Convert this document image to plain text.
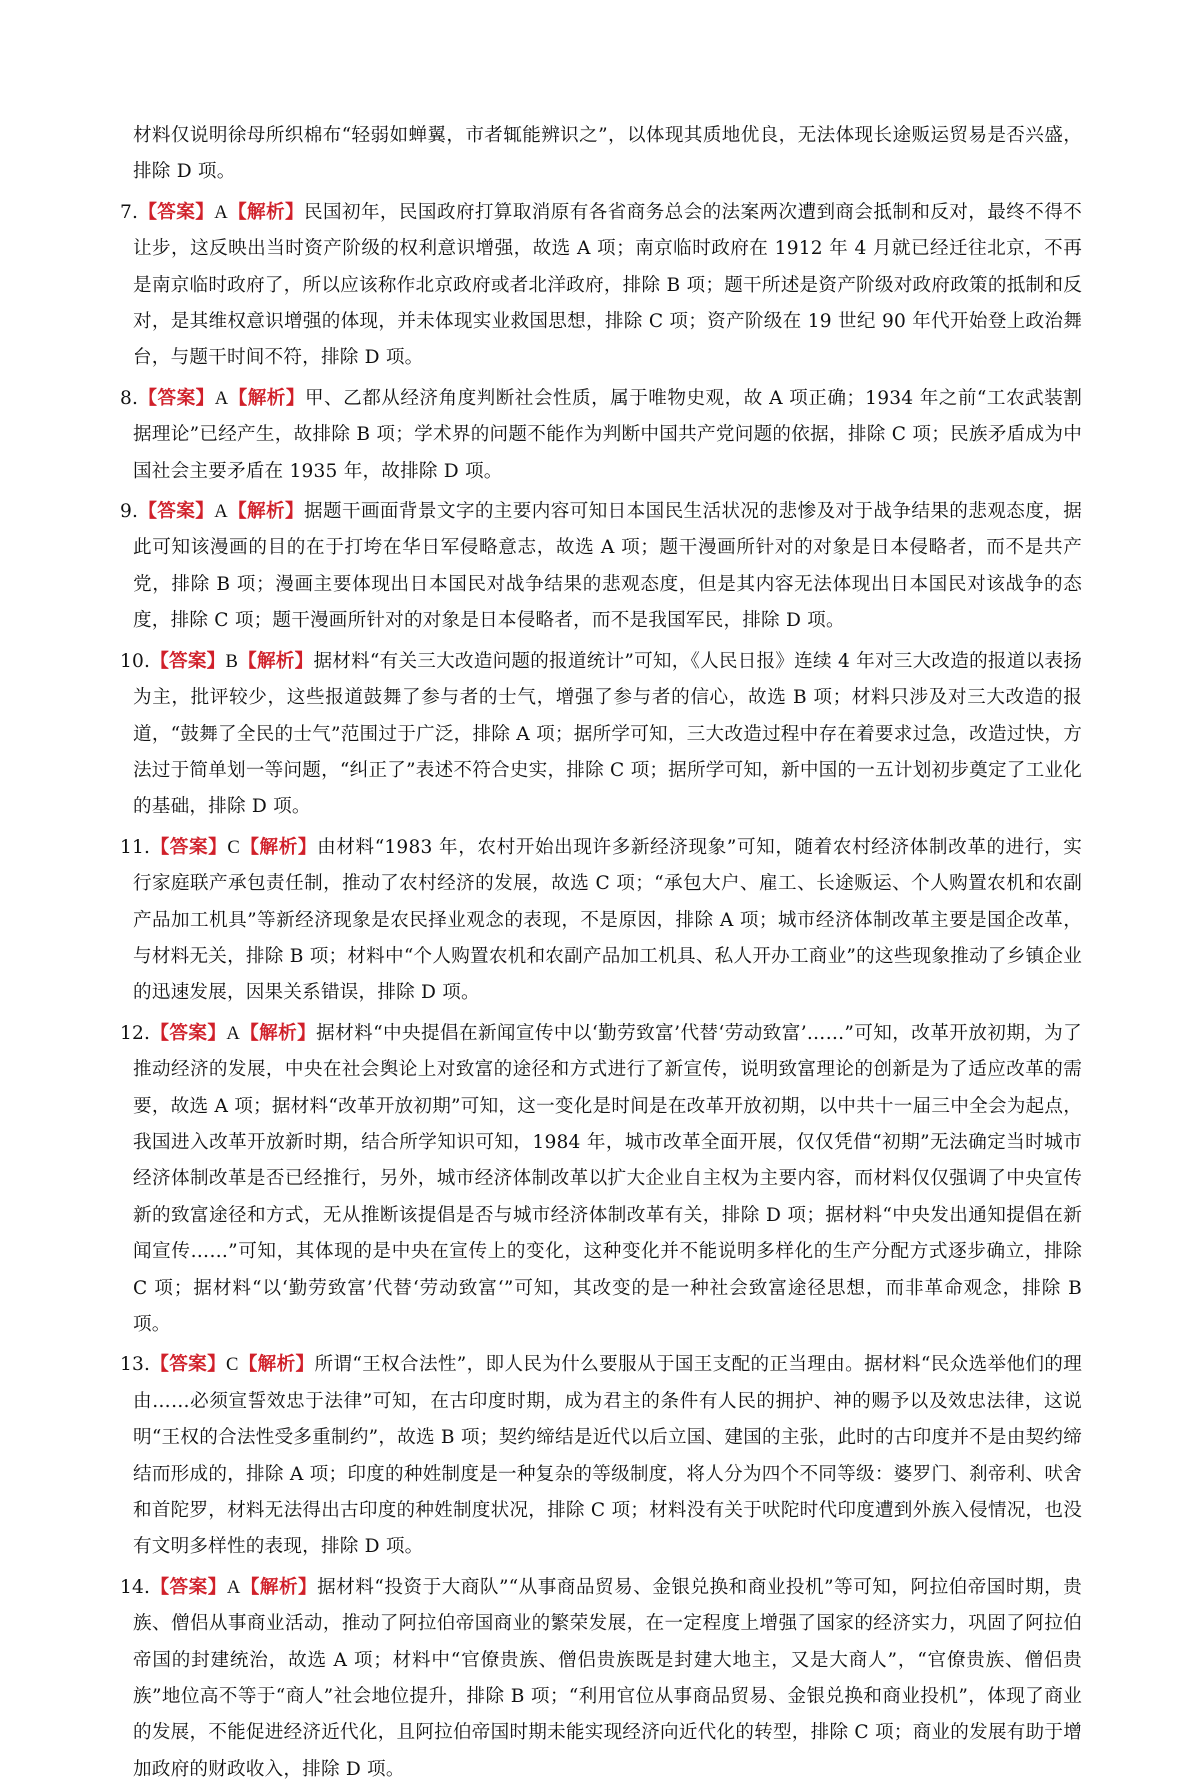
材料仅说明徐母所织棉布“轻弱如蝉翼，市者辄能辨识之”，以体现其质地优良，无法体现长途贩运贸易是否兴盛，排除 D 项。

7.【答案】A【解析】民国初年，民国政府打算取消原有各省商务总会的法案两次遭到商会抵制和反对，最终不得不让步，这反映出当时资产阶级的权利意识增强，故选 A 项；南京临时政府在 1912 年 4 月就已经迁往北京，不再是南京临时政府了，所以应该称作北京政府或者北洋政府，排除 B 项；题干所述是资产阶级对政府政策的抵制和反对，是其维权意识增强的体现，并未体现实业救国思想，排除 C 项；资产阶级在 19 世纪 90 年代开始登上政治舞台，与题干时间不符，排除 D 项。

8.【答案】A【解析】甲、乙都从经济角度判断社会性质，属于唯物史观，故 A 项正确；1934 年之前“工农武装割据理论”已经产生，故排除 B 项；学术界的问题不能作为判断中国共产党问题的依据，排除 C 项；民族矛盾成为中国社会主要矛盾在 1935 年，故排除 D 项。

9.【答案】A【解析】据题干画面背景文字的主要内容可知日本国民生活状况的悲惨及对于战争结果的悲观态度，据此可知该漫画的目的在于打垮在华日军侵略意志，故选 A 项；题干漫画所针对的对象是日本侵略者，而不是共产党，排除 B 项；漫画主要体现出日本国民对战争结果的悲观态度，但是其内容无法体现出日本国民对该战争的态度，排除 C 项；题干漫画所针对的对象是日本侵略者，而不是我国军民，排除 D 项。

10.【答案】B【解析】据材料“有关三大改造问题的报道统计”可知，《人民日报》连续 4 年对三大改造的报道以表扬为主，批评较少，这些报道鼓舞了参与者的士气，增强了参与者的信心，故选 B 项；材料只涉及对三大改造的报道，“鼓舞了全民的士气”范围过于广泛，排除 A 项；据所学可知，三大改造过程中存在着要求过急，改造过快，方法过于简单划一等问题，“纠正了”表述不符合史实，排除 C 项；据所学可知，新中国的一五计划初步奠定了工业化的基础，排除 D 项。

11.【答案】C【解析】由材料“1983 年，农村开始出现许多新经济现象”可知，随着农村经济体制改革的进行，实行家庭联产承包责任制，推动了农村经济的发展，故选 C 项；“承包大户、雇工、长途贩运、个人购置农机和农副产品加工机具”等新经济现象是农民择业观念的表现，不是原因，排除 A 项；城市经济体制改革主要是国企改革，与材料无关，排除 B 项；材料中“个人购置农机和农副产品加工机具、私人开办工商业”的这些现象推动了乡镇企业的迅速发展，因果关系错误，排除 D 项。

12.【答案】A【解析】据材料“中央提倡在新闻宣传中以‘勤劳致富’代替‘劳动致富’……”可知，改革开放初期，为了推动经济的发展，中央在社会舆论上对致富的途径和方式进行了新宣传，说明致富理论的创新是为了适应改革的需要，故选 A 项；据材料“改革开放初期”可知，这一变化是时间是在改革开放初期，以中共十一届三中全会为起点，我国进入改革开放新时期，结合所学知识可知，1984 年，城市改革全面开展，仅仅凭借“初期”无法确定当时城市经济体制改革是否已经推行，另外，城市经济体制改革以扩大企业自主权为主要内容，而材料仅仅强调了中央宣传新的致富途径和方式，无从推断该提倡是否与城市经济体制改革有关，排除 D 项；据材料“中央发出通知提倡在新闻宣传……”可知，其体现的是中央在宣传上的变化，这种变化并不能说明多样化的生产分配方式逐步确立，排除 C 项；据材料“以‘勤劳致富’代替‘劳动致富‘”可知，其改变的是一种社会致富途径思想，而非革命观念，排除 B 项。

13.【答案】C【解析】所谓“王权合法性”，即人民为什么要服从于国王支配的正当理由。据材料“民众选举他们的理由……必须宣誓效忠于法律”可知，在古印度时期，成为君主的条件有人民的拥护、神的赐予以及效忠法律，这说明“王权的合法性受多重制约”，故选 B 项；契约缔结是近代以后立国、建国的主张，此时的古印度并不是由契约缔结而形成的，排除 A 项；印度的种姓制度是一种复杂的等级制度，将人分为四个不同等级：婆罗门、刹帝利、吠舍和首陀罗，材料无法得出古印度的种姓制度状况，排除 C 项；材料没有关于吠陀时代印度遭到外族入侵情况，也没有文明多样性的表现，排除 D 项。

14.【答案】A【解析】据材料“投资于大商队”“从事商品贸易、金银兑换和商业投机”等可知，阿拉伯帝国时期，贵族、僧侣从事商业活动，推动了阿拉伯帝国商业的繁荣发展，在一定程度上增强了国家的经济实力，巩固了阿拉伯帝国的封建统治，故选 A 项；材料中“官僚贵族、僧侣贵族既是封建大地主，又是大商人”，“官僚贵族、僧侣贵族”地位高不等于“商人”社会地位提升，排除 B 项；“利用官位从事商品贸易、金银兑换和商业投机”，体现了商业的发展，不能促进经济近代化，且阿拉伯帝国时期未能实现经济向近代化的转型，排除 C 项；商业的发展有助于增加政府的财政收入，排除 D 项。
